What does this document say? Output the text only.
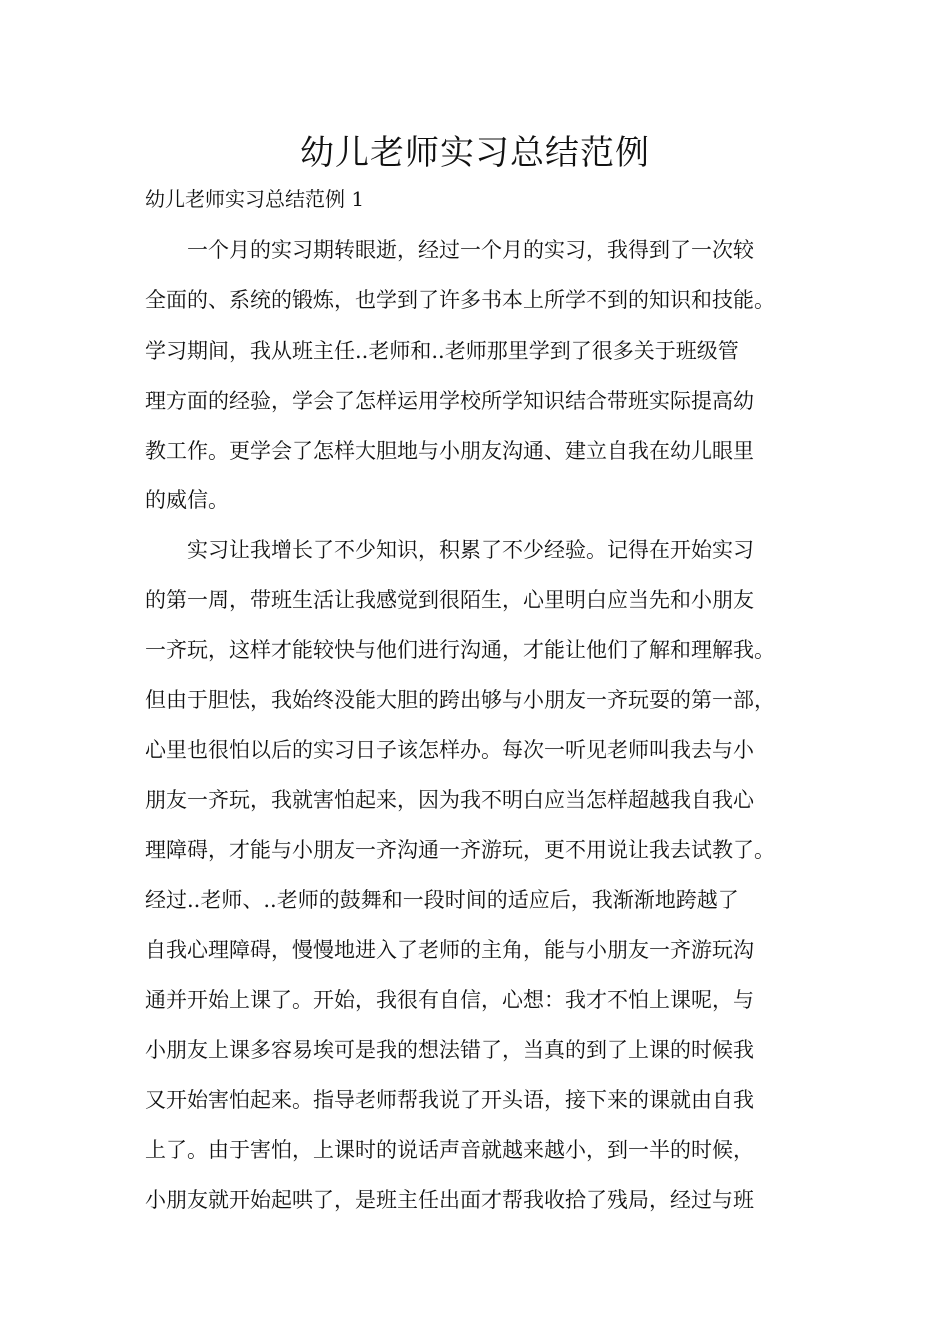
幼儿老师实习总结范例

幼儿老师实习总结范例 1

　　一个月的实习期转眼逝，经过一个月的实习，我得到了一次较

全面的、系统的锻炼，也学到了许多书本上所学不到的知识和技能。

学习期间，我从班主任..老师和..老师那里学到了很多关于班级管

理方面的经验，学会了怎样运用学校所学知识结合带班实际提高幼

教工作。更学会了怎样大胆地与小朋友沟通、建立自我在幼儿眼里

的威信。

　　实习让我增长了不少知识，积累了不少经验。记得在开始实习

的第一周，带班生活让我感觉到很陌生，心里明白应当先和小朋友

一齐玩，这样才能较快与他们进行沟通，才能让他们了解和理解我。

但由于胆怯，我始终没能大胆的跨出够与小朋友一齐玩耍的第一部，

心里也很怕以后的实习日子该怎样办。每次一听见老师叫我去与小

朋友一齐玩，我就害怕起来，因为我不明白应当怎样超越我自我心

理障碍，才能与小朋友一齐沟通一齐游玩，更不用说让我去试教了。

经过..老师、..老师的鼓舞和一段时间的适应后，我渐渐地跨越了

自我心理障碍，慢慢地进入了老师的主角，能与小朋友一齐游玩沟

通并开始上课了。开始，我很有自信，心想：我才不怕上课呢，与

小朋友上课多容易埃可是我的想法错了，当真的到了上课的时候我

又开始害怕起来。指导老师帮我说了开头语，接下来的课就由自我

上了。由于害怕，上课时的说话声音就越来越小，到一半的时候，

小朋友就开始起哄了，是班主任出面才帮我收拾了残局，经过与班
